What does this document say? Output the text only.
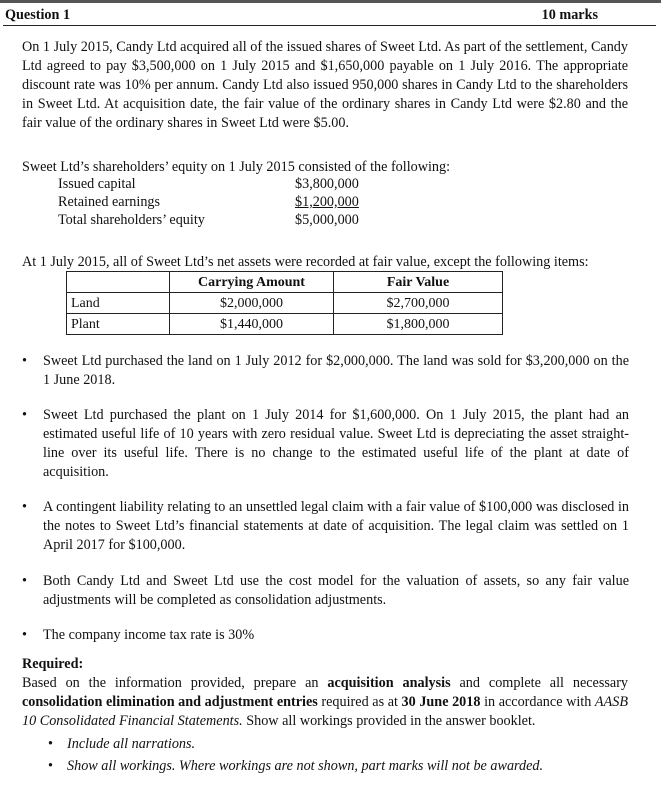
Question 1	10 marks

On 1 July 2015, Candy Ltd acquired all of the issued shares of Sweet Ltd. As part of the settlement, Candy Ltd agreed to pay $3,500,000 on 1 July 2015 and $1,650,000 payable on 1 July 2016. The appropriate discount rate was 10% per annum. Candy Ltd also issued 950,000 shares in Candy Ltd to the shareholders in Sweet Ltd. At acquisition date, the fair value of the ordinary shares in Candy Ltd were $2.80 and the fair value of the ordinary shares in Sweet Ltd were $5.00.

Sweet Ltd’s shareholders’ equity on 1 July 2015 consisted of the following:
Issued capital	$3,800,000
Retained earnings	$1,200,000
Total shareholders’ equity	$5,000,000
At 1 July 2015, all of Sweet Ltd’s net assets were recorded at fair value, except the following items:
	Carrying Amount	Fair Value
Land	$2,000,000	$2,700,000
Plant	$1,440,000	$1,800,000
• Sweet Ltd purchased the land on 1 July 2012 for $2,000,000. The land was sold for $3,200,000 on the 1 June 2018.
• Sweet Ltd purchased the plant on 1 July 2014 for $1,600,000. On 1 July 2015, the plant had an estimated useful life of 10 years with zero residual value. Sweet Ltd is depreciating the asset straight-line over its useful life. There is no change to the estimated useful life of the plant at date of acquisition.
• A contingent liability relating to an unsettled legal claim with a fair value of $100,000 was disclosed in the notes to Sweet Ltd’s financial statements at date of acquisition. The legal claim was settled on 1 April 2017 for $100,000.
• Both Candy Ltd and Sweet Ltd use the cost model for the valuation of assets, so any fair value adjustments will be completed as consolidation adjustments.
• The company income tax rate is 30%
Required:

Based on the information provided, prepare an acquisition analysis and complete all necessary consolidation elimination and adjustment entries required as at 30 June 2018 in accordance with AASB 10 Consolidated Financial Statements. Show all workings provided in the answer booklet.

• Include all narrations.
• Show all workings. Where workings are not shown, part marks will not be awarded.
